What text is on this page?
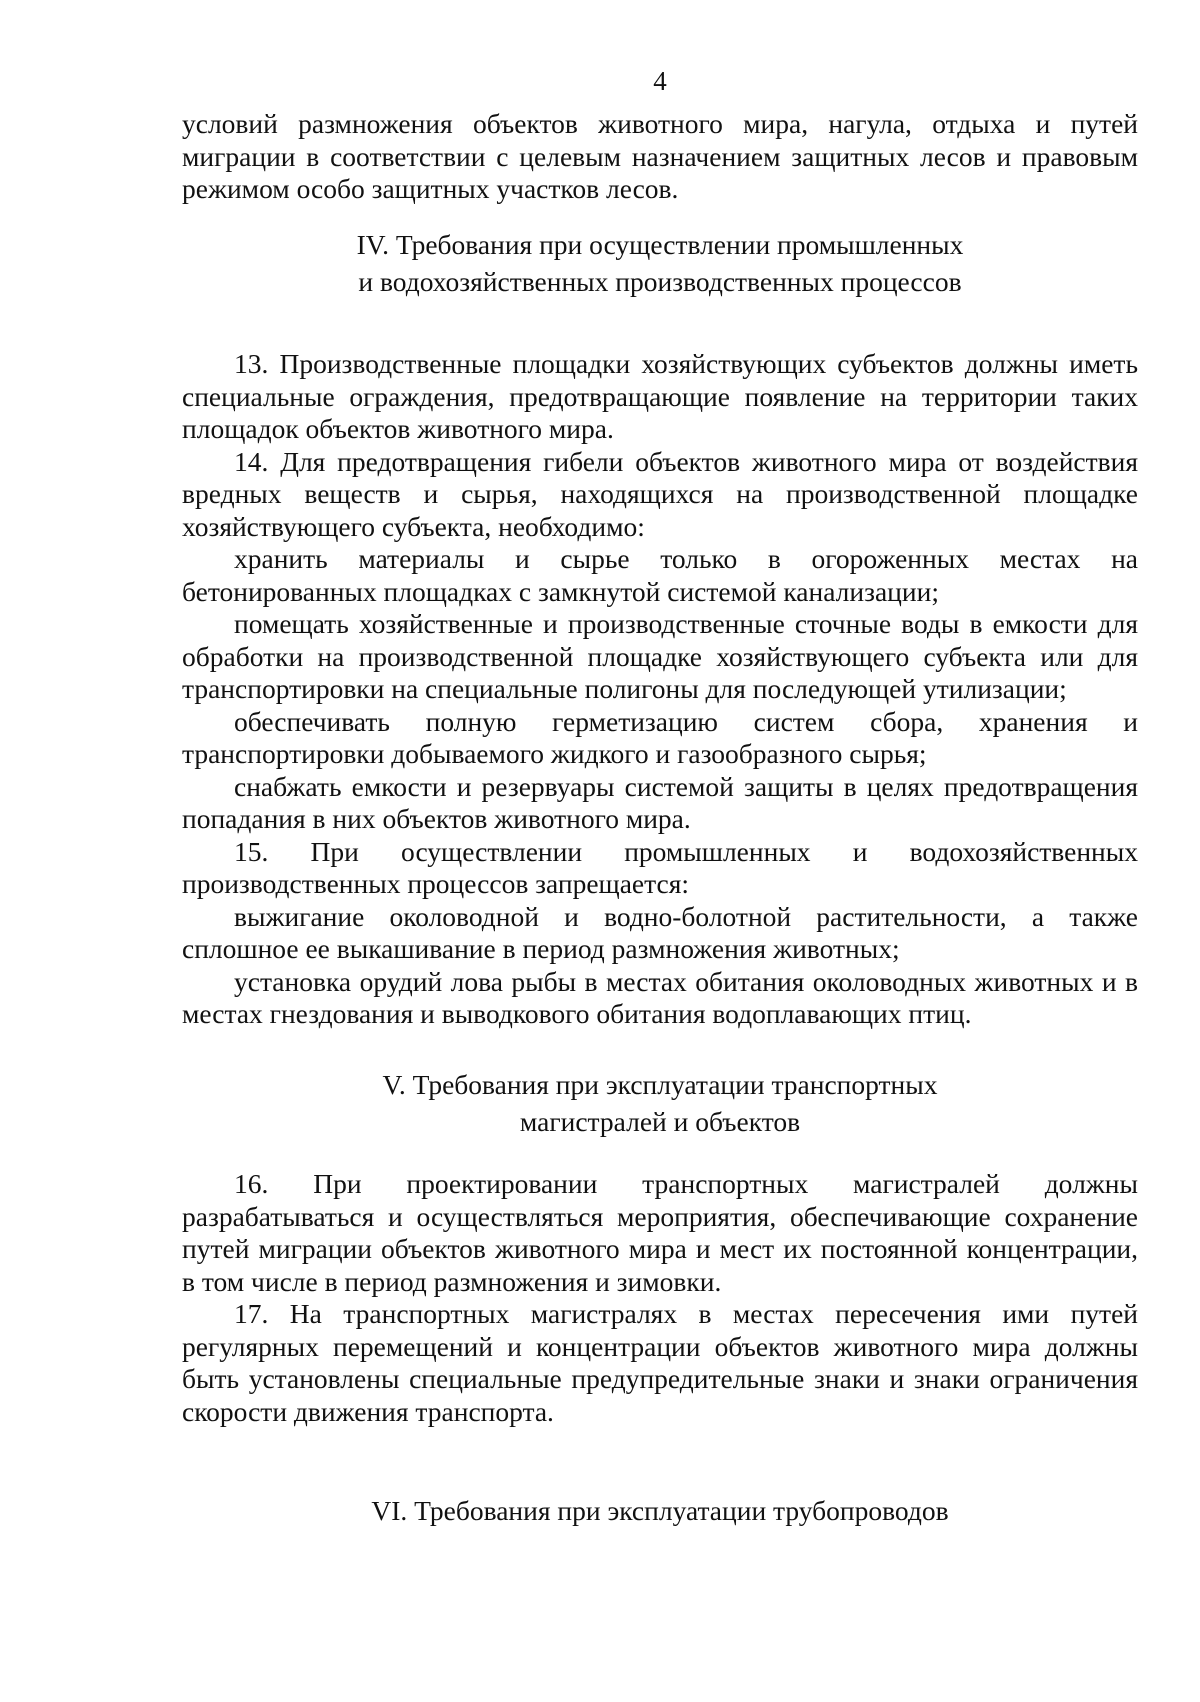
4

условий размножения объектов животного мира, нагула, отдыха и путей миграции в соответствии с целевым назначением защитных лесов и правовым режимом особо защитных участков лесов.

IV. Требования при осуществлении промышленных
и водохозяйственных производственных процессов

13. Производственные площадки хозяйствующих субъектов должны иметь специальные ограждения, предотвращающие появление на территории таких площадок объектов животного мира.

14. Для предотвращения гибели объектов животного мира от воздействия вредных веществ и сырья, находящихся на производственной площадке хозяйствующего субъекта, необходимо:

хранить материалы и сырье только в огороженных местах на бетонированных площадках с замкнутой системой канализации;

помещать хозяйственные и производственные сточные воды в емкости для обработки на производственной площадке хозяйствующего субъекта или для транспортировки на специальные полигоны для последующей утилизации;

обеспечивать полную герметизацию систем сбора, хранения и транспортировки добываемого жидкого и газообразного сырья;

снабжать емкости и резервуары системой защиты в целях предотвращения попадания в них объектов животного мира.

15. При осуществлении промышленных и водохозяйственных производственных процессов запрещается:

выжигание околоводной и водно-болотной растительности, а также сплошное ее выкашивание в период размножения животных;

установка орудий лова рыбы в местах обитания околоводных животных и в местах гнездования и выводкового обитания водоплавающих птиц.

V. Требования при эксплуатации транспортных
магистралей и объектов

16. При проектировании транспортных магистралей должны разрабатываться и осуществляться мероприятия, обеспечивающие сохранение путей миграции объектов животного мира и мест их постоянной концентрации, в том числе в период размножения и зимовки.

17. На транспортных магистралях в местах пересечения ими путей регулярных перемещений и концентрации объектов животного мира должны быть установлены специальные предупредительные знаки и знаки ограничения скорости движения транспорта.

VI. Требования при эксплуатации трубопроводов
